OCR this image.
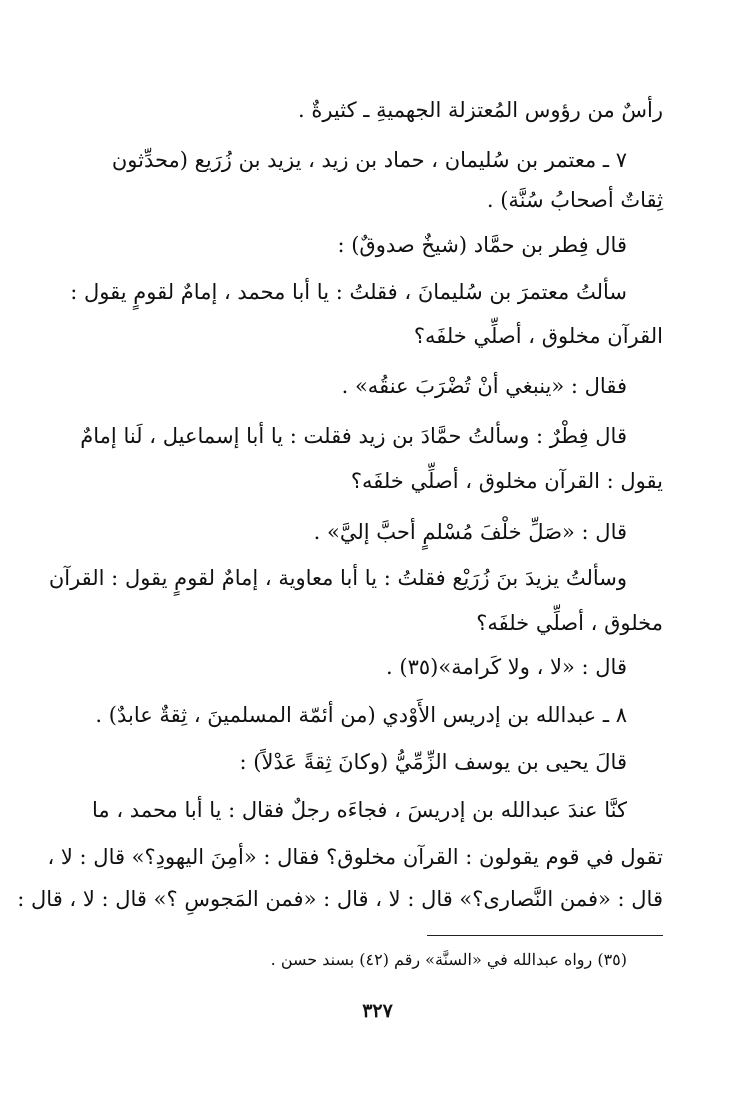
رأسٌ من رؤوس المُعتزلة الجهميةِ ـ كثيرةٌ .
٧ ـ معتمر بن سُليمان ، حماد بن زيد ، يزيد بن زُرَيع (محدِّثون
ثِقاتٌ أصحابُ سُنَّة) .
قال فِطر بن حمَّاد (شيخٌ صدوقٌ) :
سألتُ معتمرَ بن سُليمانَ ، فقلتُ : يا أبا محمد ، إمامٌ لقومٍ يقول :
القرآن مخلوق ، أصلِّي خلفَه؟
فقال : «ينبغي أنْ تُضْرَبَ عنقُه» .
قال فِطْرٌ : وسألتُ حمَّادَ بن زيد فقلت : يا أبا إسماعيل ، لَنا إمامٌ
يقول : القرآن مخلوق ، أصلِّي خلفَه؟
قال : «صَلِّ خلْفَ مُسْلمٍ أحبَّ إليَّ» .
وسألتُ يزيدَ بنَ زُرَيْع فقلتُ : يا أبا معاوية ، إمامٌ لقومٍ يقول : القرآن
مخلوق ، أصلِّي خلفَه؟
قال : «لا ، ولا كَرامة»(٣٥) .
٨ ـ عبدالله بن إدريس الأَوْدي (من أئمّة المسلمينَ ، ثِقةٌ عابدٌ) .
قالَ يحيى بن يوسف الزِّمِّيُّ (وكانَ ثِقةً عَدْلاً) :
كنَّا عندَ عبدالله بن إدريسَ ، فجاءَه رجلٌ فقال : يا أبا محمد ، ما
تقول في قوم يقولون : القرآن مخلوق؟ فقال : «أمِنَ اليهودِ؟» قال : لا ،
قال : «فمن النَّصارى؟» قال : لا ، قال : «فمن المَجوسِ ؟» قال : لا ، قال :
(٣٥) رواه عبدالله في «السنَّة» رقم (٤٢) بسند حسن .
٣٢٧
